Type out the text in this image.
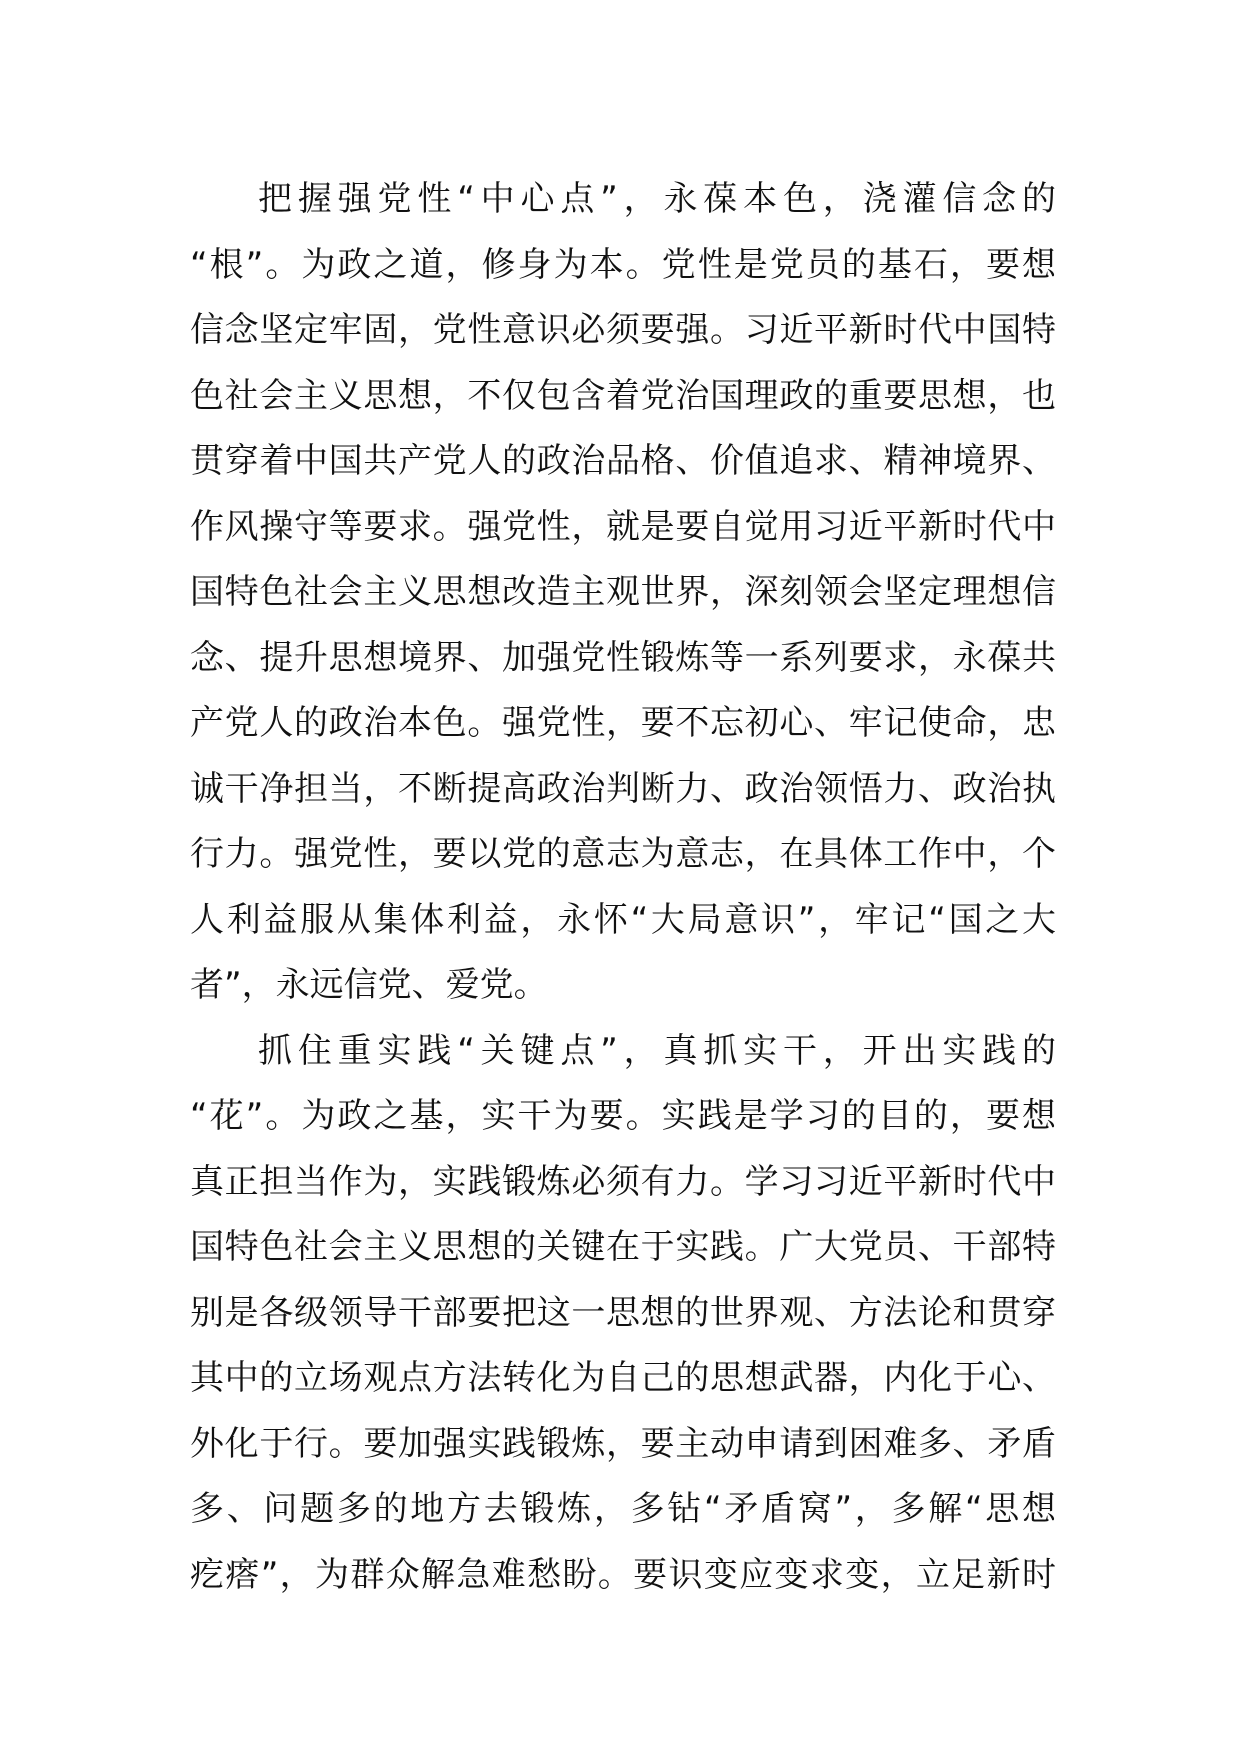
把握强党性“中心点”，永葆本色，浇灌信念的
“根”。为政之道，修身为本。党性是党员的基石，要想
信念坚定牢固，党性意识必须要强。习近平新时代中国特
色社会主义思想，不仅包含着党治国理政的重要思想，也
贯穿着中国共产党人的政治品格、价值追求、精神境界、
作风操守等要求。强党性，就是要自觉用习近平新时代中
国特色社会主义思想改造主观世界，深刻领会坚定理想信
念、提升思想境界、加强党性锻炼等一系列要求，永葆共
产党人的政治本色。强党性，要不忘初心、牢记使命，忠
诚干净担当，不断提高政治判断力、政治领悟力、政治执
行力。强党性，要以党的意志为意志，在具体工作中，个
人利益服从集体利益，永怀“大局意识”，牢记“国之大
者”，永远信党、爱党。
抓住重实践“关键点”，真抓实干，开出实践的
“花”。为政之基，实干为要。实践是学习的目的，要想
真正担当作为，实践锻炼必须有力。学习习近平新时代中
国特色社会主义思想的关键在于实践。广大党员、干部特
别是各级领导干部要把这一思想的世界观、方法论和贯穿
其中的立场观点方法转化为自己的思想武器，内化于心、
外化于行。要加强实践锻炼，要主动申请到困难多、矛盾
多、问题多的地方去锻炼，多钻“矛盾窝”，多解“思想
疙瘩”，为群众解急难愁盼。要识变应变求变，立足新时
